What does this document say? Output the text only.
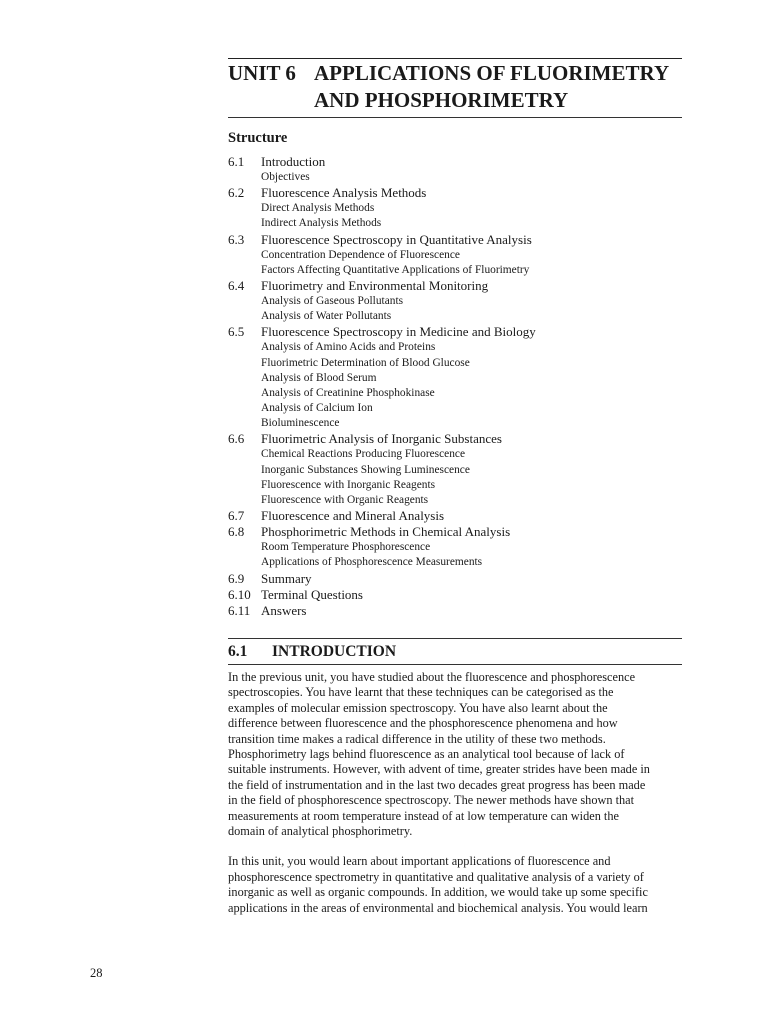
UNIT 6 APPLICATIONS OF FLUORIMETRY
AND PHOSPHORIMETRY
Structure
6.1 Introduction
Objectives
6.2 Fluorescence Analysis Methods
Direct Analysis Methods
Indirect Analysis Methods
6.3 Fluorescence Spectroscopy in Quantitative Analysis
Concentration Dependence of Fluorescence
Factors Affecting Quantitative Applications of Fluorimetry
6.4 Fluorimetry and Environmental Monitoring
Analysis of Gaseous Pollutants
Analysis of Water Pollutants
6.5 Fluorescence Spectroscopy in Medicine and Biology
Analysis of Amino Acids and Proteins
Fluorimetric Determination of Blood Glucose
Analysis of Blood Serum
Analysis of Creatinine Phosphokinase
Analysis of Calcium Ion
Bioluminescence
6.6 Fluorimetric Analysis of Inorganic Substances
Chemical Reactions Producing Fluorescence
Inorganic Substances Showing Luminescence
Fluorescence with Inorganic Reagents
Fluorescence with Organic Reagents
6.7 Fluorescence and Mineral Analysis
6.8 Phosphorimetric Methods in Chemical Analysis
Room Temperature Phosphorescence
Applications of Phosphorescence Measurements
6.9 Summary
6.10 Terminal Questions
6.11 Answers
6.1 INTRODUCTION

In the previous unit, you have studied about the fluorescence and phosphorescence
spectroscopies. You have learnt that these techniques can be categorised as the
examples of molecular emission spectroscopy. You have also learnt about the
difference between fluorescence and the phosphorescence phenomena and how
transition time makes a radical difference in the utility of these two methods.
Phosphorimetry lags behind fluorescence as an analytical tool because of lack of
suitable instruments. However, with advent of time, greater strides have been made in
the field of instrumentation and in the last two decades great progress has been made
in the field of phosphorescence spectroscopy. The newer methods have shown that
measurements at room temperature instead of at low temperature can widen the
domain of analytical phosphorimetry.

In this unit, you would learn about important applications of fluorescence and
phosphorescence spectrometry in quantitative and qualitative analysis of a variety of
inorganic as well as organic compounds. In addition, we would take up some specific
applications in the areas of environmental and biochemical analysis. You would learn

28
